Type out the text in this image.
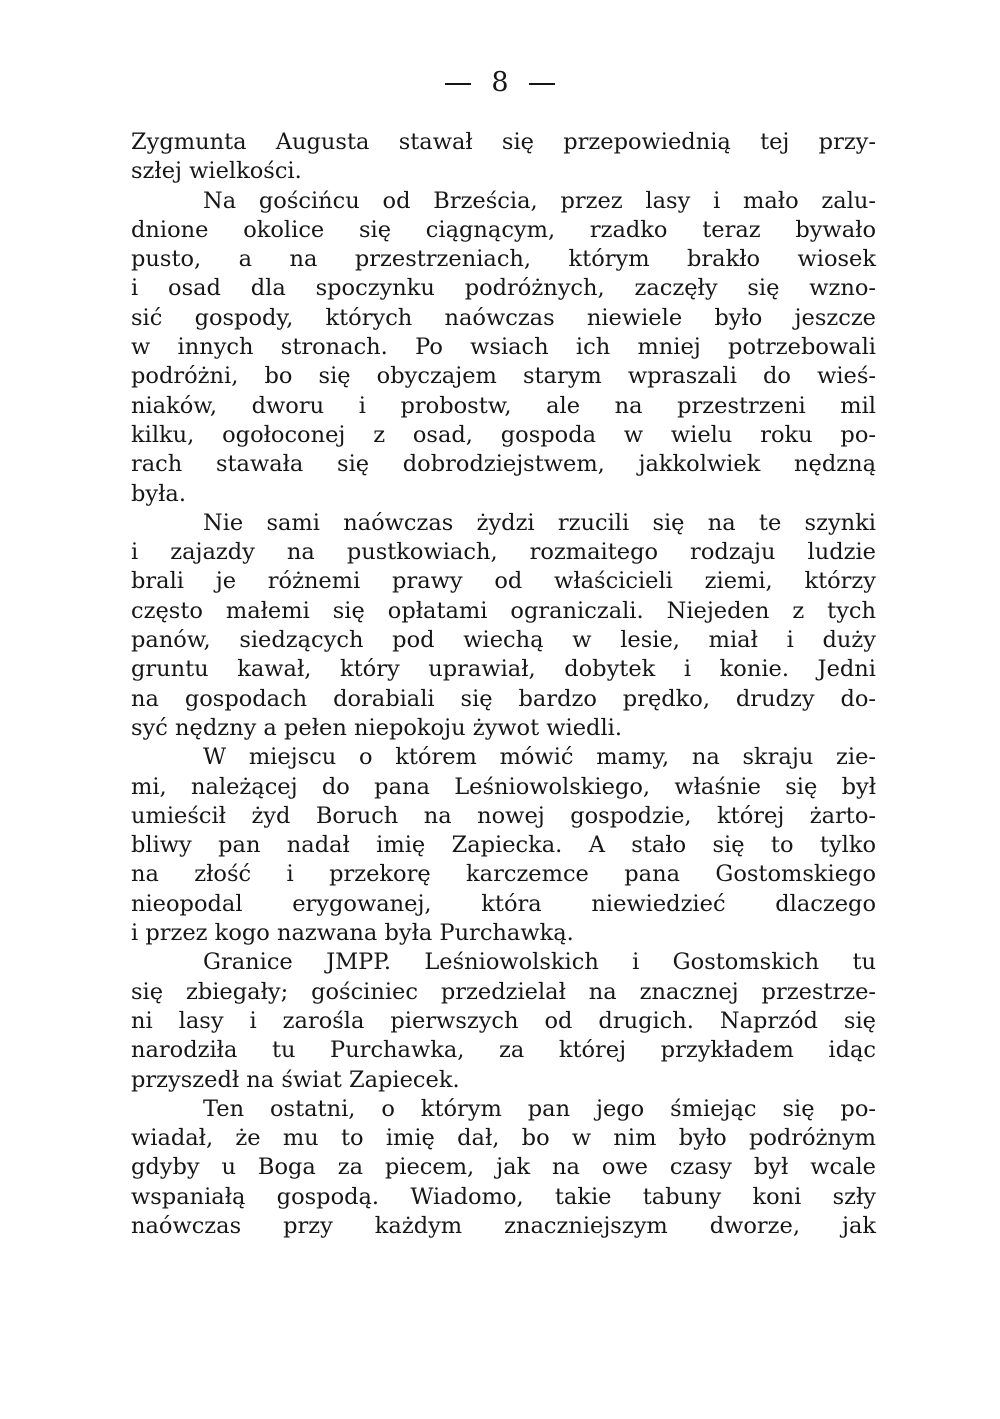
8
Zygmunta Augusta stawał się przepowiednią tej przy-
szłej wielkości.
Na gościńcu od Brześcia, przez lasy i mało zalu-
dnione okolice się ciągnącym, rzadko teraz bywało
pusto, a na przestrzeniach, którym brakło wiosek
i osad dla spoczynku podróżnych, zaczęły się wzno-
sić gospody, których naówczas niewiele było jeszcze
w innych stronach. Po wsiach ich mniej potrzebowali
podróżni, bo się obyczajem starym wpraszali do wieś-
niaków, dworu i probostw, ale na przestrzeni mil
kilku, ogołoconej z osad, gospoda w wielu roku po-
rach stawała się dobrodziejstwem, jakkolwiek nędzną
była.
Nie sami naówczas żydzi rzucili się na te szynki
i zajazdy na pustkowiach, rozmaitego rodzaju ludzie
brali je różnemi prawy od właścicieli ziemi, którzy
często małemi się opłatami ograniczali. Niejeden z tych
panów, siedzących pod wiechą w lesie, miał i duży
gruntu kawał, który uprawiał, dobytek i konie. Jedni
na gospodach dorabiali się bardzo prędko, drudzy do-
syć nędzny a pełen niepokoju żywot wiedli.
W miejscu o którem mówić mamy, na skraju zie-
mi, należącej do pana Leśniowolskiego, właśnie się był
umieścił żyd Boruch na nowej gospodzie, której żarto-
bliwy pan nadał imię Zapiecka. A stało się to tylko
na złość i przekorę karczemce pana Gostomskiego
nieopodal erygowanej, która niewiedzieć dlaczego
i przez kogo nazwana była Purchawką.
Granice JMPP. Leśniowolskich i Gostomskich tu
się zbiegały; gościniec przedzielał na znacznej przestrze-
ni lasy i zarośla pierwszych od drugich. Naprzód się
narodziła tu Purchawka, za której przykładem idąc
przyszedł na świat Zapiecek.
Ten ostatni, o którym pan jego śmiejąc się po-
wiadał, że mu to imię dał, bo w nim było podróżnym
gdyby u Boga za piecem, jak na owe czasy był wcale
wspaniałą gospodą. Wiadomo, takie tabuny koni szły
naówczas przy każdym znaczniejszym dworze, jak
